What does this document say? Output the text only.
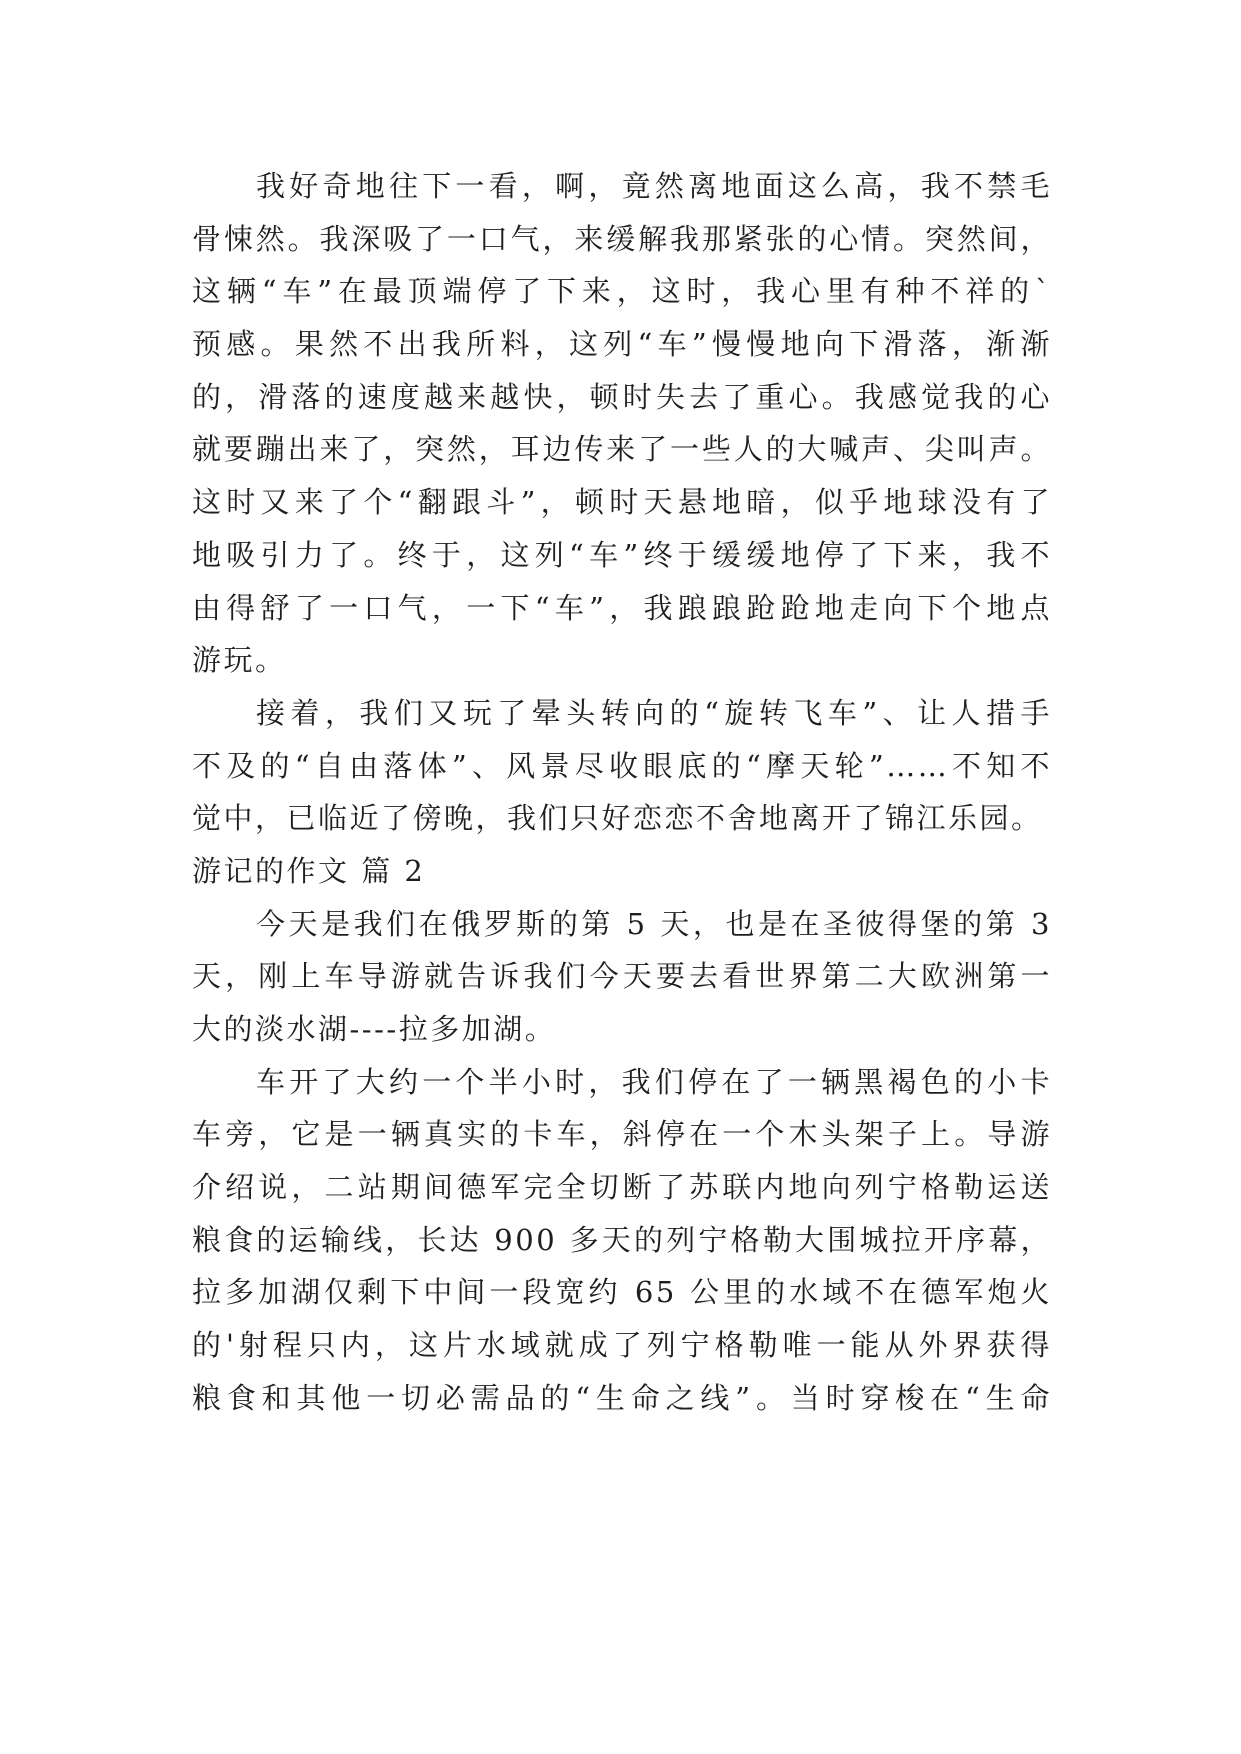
我好奇地往下一看，啊，竟然离地面这么高，我不禁毛
骨悚然。我深吸了一口气，来缓解我那紧张的心情。突然间，
这辆“车”在最顶端停了下来，这时，我心里有种不祥的`
预感。果然不出我所料，这列“车”慢慢地向下滑落，渐渐
的，滑落的速度越来越快，顿时失去了重心。我感觉我的心
就要蹦出来了，突然，耳边传来了一些人的大喊声、尖叫声。
这时又来了个“翻跟斗”，顿时天悬地暗，似乎地球没有了
地吸引力了。终于，这列“车”终于缓缓地停了下来，我不
由得舒了一口气，一下“车”，我踉踉跄跄地走向下个地点
游玩。
接着，我们又玩了晕头转向的“旋转飞车”、让人措手
不及的“自由落体”、风景尽收眼底的“摩天轮”……不知不
觉中，已临近了傍晚，我们只好恋恋不舍地离开了锦江乐园。
游记的作文 篇 2
今天是我们在俄罗斯的第 5 天，也是在圣彼得堡的第 3
天，刚上车导游就告诉我们今天要去看世界第二大欧洲第一
大的淡水湖----拉多加湖。
车开了大约一个半小时，我们停在了一辆黑褐色的小卡
车旁，它是一辆真实的卡车，斜停在一个木头架子上。导游
介绍说，二站期间德军完全切断了苏联内地向列宁格勒运送
粮食的运输线，长达 900 多天的列宁格勒大围城拉开序幕，
拉多加湖仅剩下中间一段宽约 65 公里的水域不在德军炮火
的'射程只内，这片水域就成了列宁格勒唯一能从外界获得
粮食和其他一切必需品的“生命之线”。当时穿梭在“生命
